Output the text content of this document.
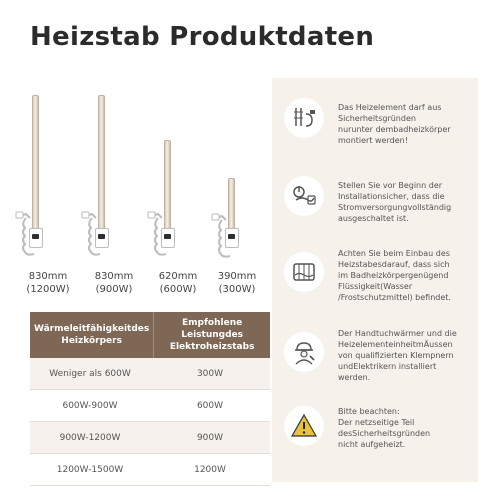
Heizstab Produktdaten
830mm
(1200W)
830mm
(900W)
620mm
(600W)
390mm
(300W)
Wärmeleitfähigkeitdes Heizkörpers
Empfohlene Leistungdes Elektroheizstabs
Weniger als 600W	300W
600W-900W	600W
900W-1200W	900W
1200W-1500W	1200W
Das Heizelement darf aus
Sicherheitsgründen
nurunter dembadheizkörper
montiert werden!
Stellen Sie vor Beginn der
Installationsicher, dass die
Stromversorgungvollständig
ausgeschaltet ist.
Achten Sie beim Einbau des
Heizstabesdarauf, dass sich
im Badheizkörpergenügend
Flüssigkeit(Wasser
/Frostschutzmittel) befindet.
Der Handtuchwärmer und die
HeizelementeinheitmÄussen
von qualifizierten Klempnern
undElektrikern installiert
werden.
Bitte beachten:
Der netzseitige Teil
desSicherheitsgründen
nicht aufgeheizt.
